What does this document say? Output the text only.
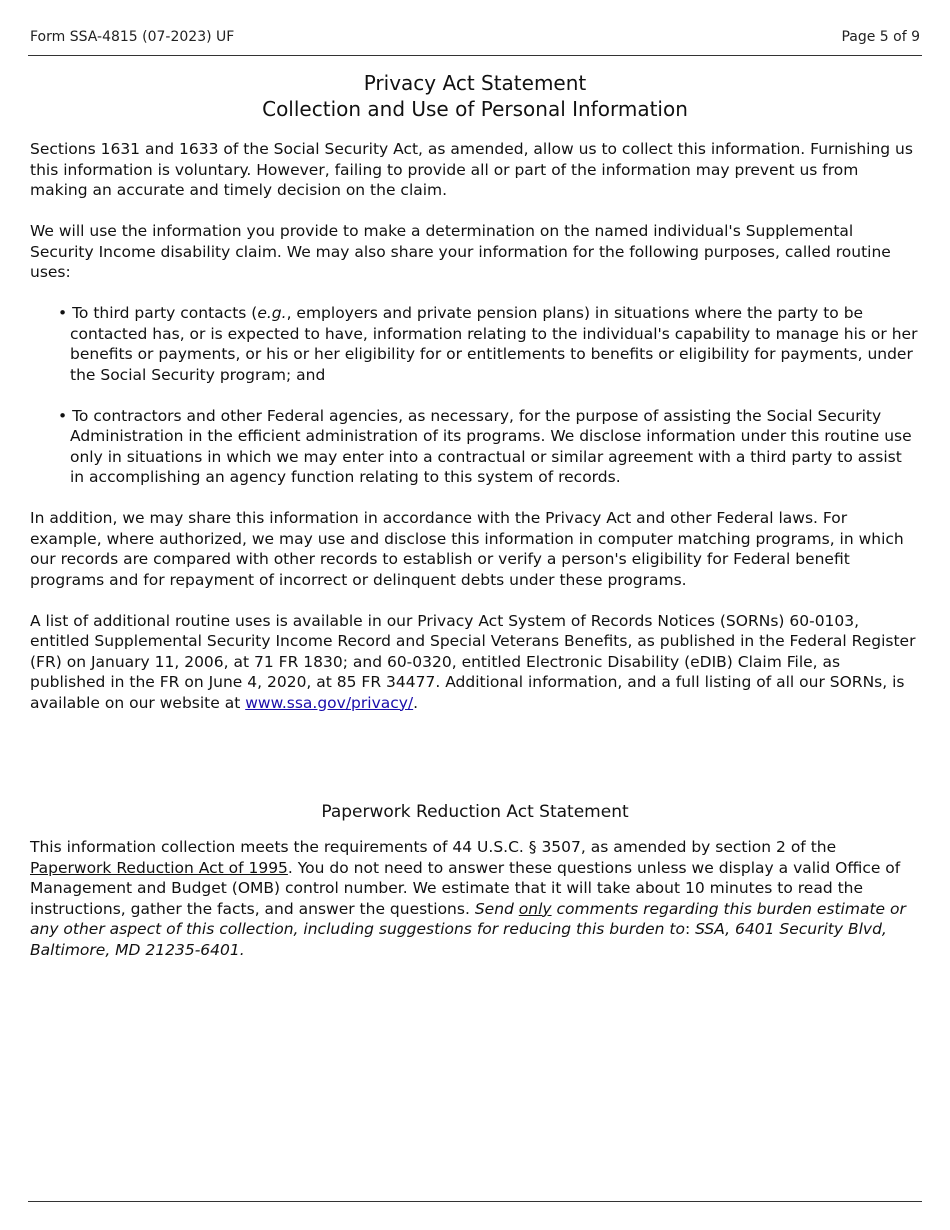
Form SSA-4815 (07-2023) UF	Page 5 of 9
Privacy Act Statement
Collection and Use of Personal Information

Sections 1631 and 1633 of the Social Security Act, as amended, allow us to collect this information. Furnishing us this information is voluntary. However, failing to provide all or part of the information may prevent us from making an accurate and timely decision on the claim.

We will use the information you provide to make a determination on the named individual's Supplemental Security Income disability claim. We may also share your information for the following purposes, called routine uses:

• To third party contacts (e.g., employers and private pension plans) in situations where the party to be contacted has, or is expected to have, information relating to the individual's capability to manage his or her benefits or payments, or his or her eligibility for or entitlements to benefits or eligibility for payments, under the Social Security program; and

• To contractors and other Federal agencies, as necessary, for the purpose of assisting the Social Security Administration in the efficient administration of its programs. We disclose information under this routine use only in situations in which we may enter into a contractual or similar agreement with a third party to assist in accomplishing an agency function relating to this system of records.

In addition, we may share this information in accordance with the Privacy Act and other Federal laws. For example, where authorized, we may use and disclose this information in computer matching programs, in which our records are compared with other records to establish or verify a person's eligibility for Federal benefit programs and for repayment of incorrect or delinquent debts under these programs.

A list of additional routine uses is available in our Privacy Act System of Records Notices (SORNs) 60-0103, entitled Supplemental Security Income Record and Special Veterans Benefits, as published in the Federal Register (FR) on January 11, 2006, at 71 FR 1830; and 60-0320, entitled Electronic Disability (eDIB) Claim File, as published in the FR on June 4, 2020, at 85 FR 34477. Additional information, and a full listing of all our SORNs, is available on our website at www.ssa.gov/privacy/.

Paperwork Reduction Act Statement

This information collection meets the requirements of 44 U.S.C. § 3507, as amended by section 2 of the Paperwork Reduction Act of 1995. You do not need to answer these questions unless we display a valid Office of Management and Budget (OMB) control number. We estimate that it will take about 10 minutes to read the instructions, gather the facts, and answer the questions. Send only comments regarding this burden estimate or any other aspect of this collection, including suggestions for reducing this burden to: SSA, 6401 Security Blvd, Baltimore, MD 21235-6401.
